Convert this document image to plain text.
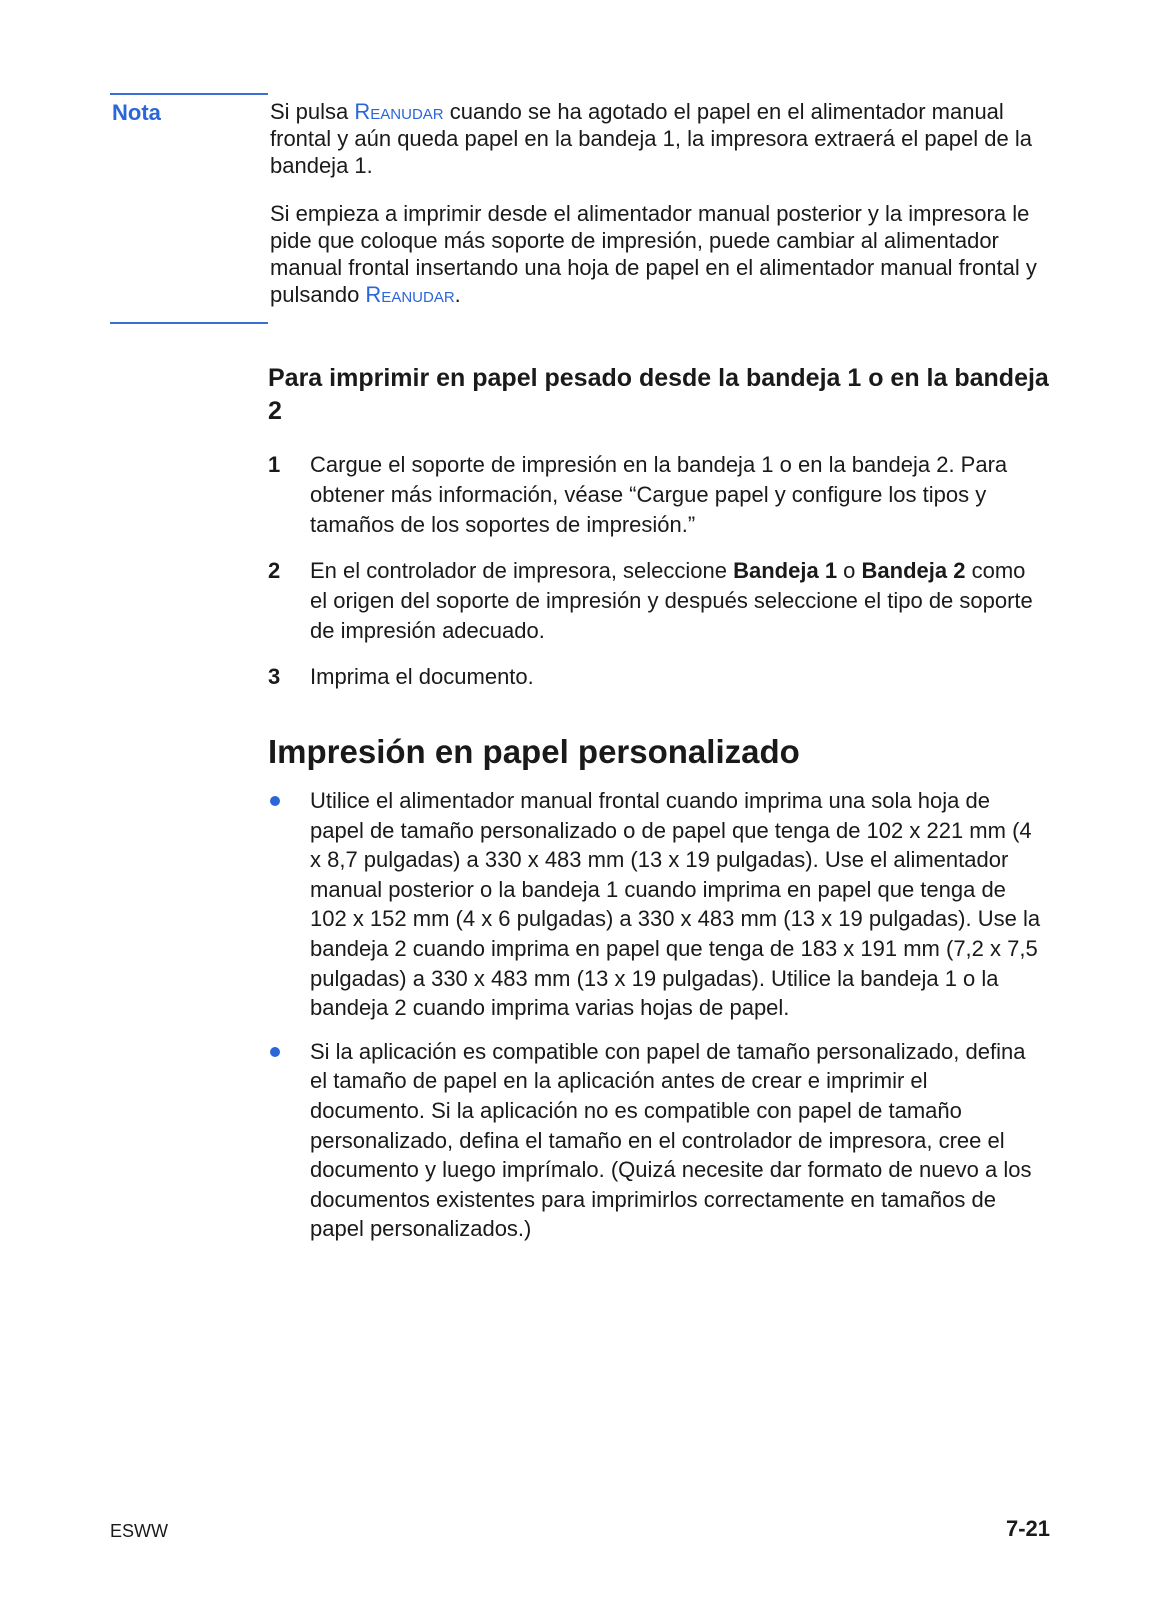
Nota	Si pulsa Reanudar cuando se ha agotado el papel en el alimentador manual frontal y aún queda papel en la bandeja 1, la impresora extraerá el papel de la bandeja 1.

Si empieza a imprimir desde el alimentador manual posterior y la impresora le pide que coloque más soporte de impresión, puede cambiar al alimentador manual frontal insertando una hoja de papel en el alimentador manual frontal y pulsando Reanudar.

Para imprimir en papel pesado desde la bandeja 1 o en la bandeja 2
1 Cargue el soporte de impresión en la bandeja 1 o en la bandeja 2. Para obtener más información, véase “Cargue papel y configure los tipos y tamaños de los soportes de impresión.”
2 En el controlador de impresora, seleccione Bandeja 1 o Bandeja 2 como el origen del soporte de impresión y después seleccione el tipo de soporte de impresión adecuado.
3 Imprima el documento.
Impresión en papel personalizado
Utilice el alimentador manual frontal cuando imprima una sola hoja de papel de tamaño personalizado o de papel que tenga de 102 x 221 mm (4 x 8,7 pulgadas) a 330 x 483 mm (13 x 19 pulgadas). Use el alimentador manual posterior o la bandeja 1 cuando imprima en papel que tenga de 102 x 152 mm (4 x 6 pulgadas) a 330 x 483 mm (13 x 19 pulgadas). Use la bandeja 2 cuando imprima en papel que tenga de 183 x 191 mm (7,2 x 7,5 pulgadas) a 330 x 483 mm (13 x 19 pulgadas). Utilice la bandeja 1 o la bandeja 2 cuando imprima varias hojas de papel.
Si la aplicación es compatible con papel de tamaño personalizado, defina el tamaño de papel en la aplicación antes de crear e imprimir el documento. Si la aplicación no es compatible con papel de tamaño personalizado, defina el tamaño en el controlador de impresora, cree el documento y luego imprímalo. (Quizá necesite dar formato de nuevo a los documentos existentes para imprimirlos correctamente en tamaños de papel personalizados.)
ESWW	7-21
